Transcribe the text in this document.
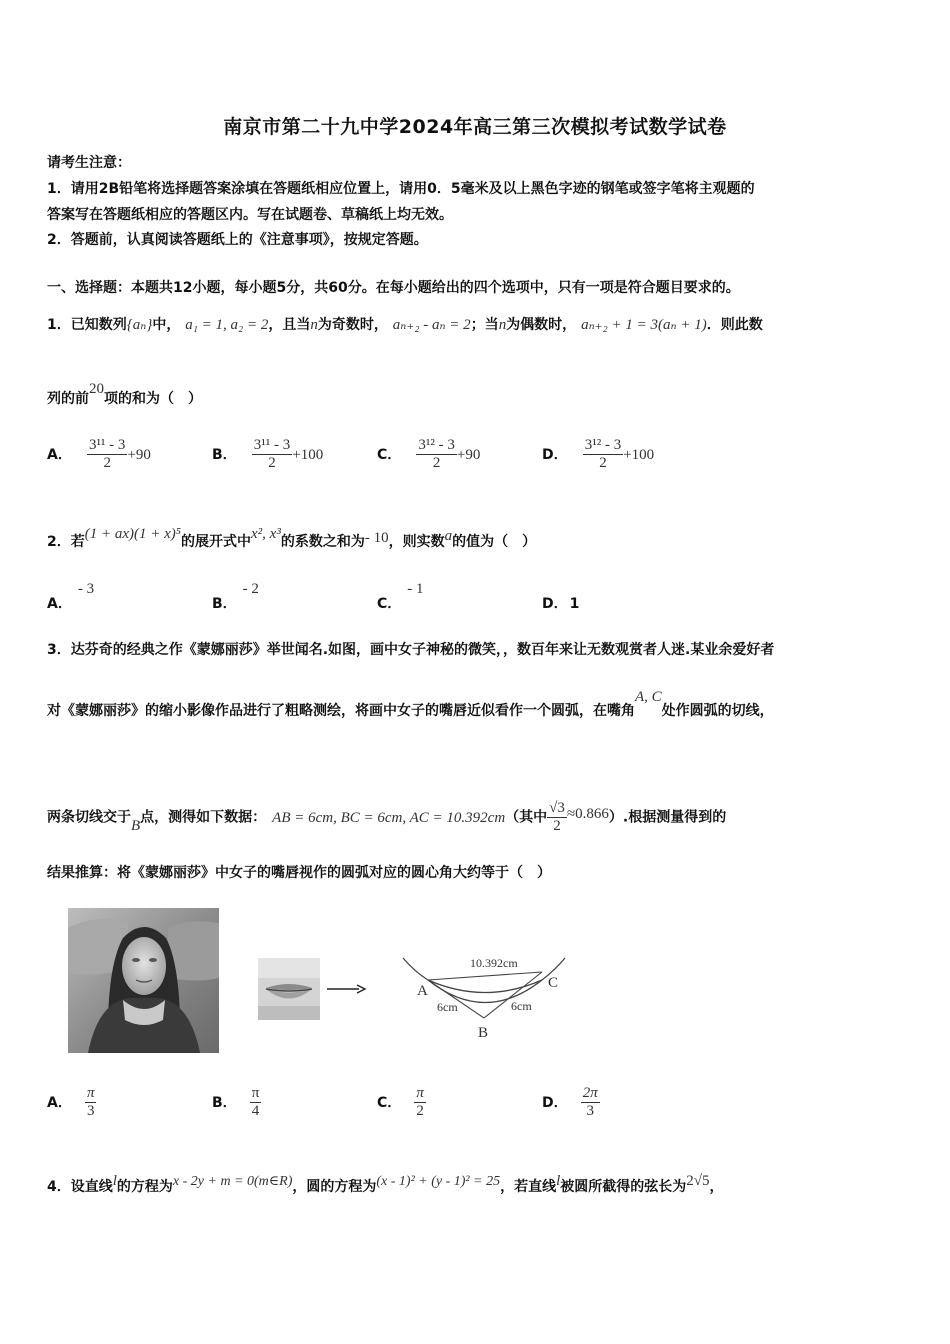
南京市第二十九中学2024年高三第三次模拟考试数学试卷
请考生注意：
1．请用2B铅笔将选择题答案涂填在答题纸相应位置上，请用0．5毫米及以上黑色字迹的钢笔或签字笔将主观题的
答案写在答题纸相应的答题区内。写在试题卷、草稿纸上均无效。
2．答题前，认真阅读答题纸上的《注意事项》，按规定答题。
一、选择题：本题共12小题，每小题5分，共60分。在每小题给出的四个选项中，只有一项是符合题目要求的。
1．已知数列{aₙ}中， a₁ = 1, a₂ = 2，且当n为奇数时， aₙ₊₂ - aₙ = 2；当n为偶数时， aₙ₊₂ + 1 = 3(aₙ + 1)．则此数
列的前20项的和为（　）
A． $\frac{\text{3¹¹ - 3}}{2} +90$	B． $\frac{\text{3¹¹ - 3}}{2} +100$	C． $\frac{\text{3¹² - 3}}{2} +90$	D． $\frac{\text{3¹² - 3}}{2} +100$
2．若(1 + ax)(1 + x)⁵的展开式中x², x³的系数之和为- 10，则实数a的值为（　）
A．- 3
B．- 2
C．- 1
D． 1
3．达芬奇的经典之作《蒙娜丽莎》举世闻名.如图，画中女子神秘的微笑，，数百年来让无数观赏者人迷.某业余爱好者
对《蒙娜丽莎》的缩小影像作品进行了粗略测绘，将画中女子的嘴唇近似看作一个圆弧，在嘴角A, C处作圆弧的切线，
两条切线交于B点，测得如下数据： AB = 6cm, BC = 6cm, AC = 10.392cm（其中 $\frac{√3}{2} \approx 0.866$）.根据测量得到的
结果推算：将《蒙娜丽莎》中女子的嘴唇视作的圆弧对应的圆心角大约等于（　）
10.392cm
A	C
B
6cm	6cm
A． $\frac{\pi}{3}$	B． $\frac{\pi}{4}$	C． $\frac{\pi}{2}$	D． $\frac{2\pi}{3}$
4．设直线l的方程为x - 2y + m = 0(m∈R)，圆的方程为(x - 1)² + (y - 1)² = 25，若直线l被圆所截得的弦长为2√5，
